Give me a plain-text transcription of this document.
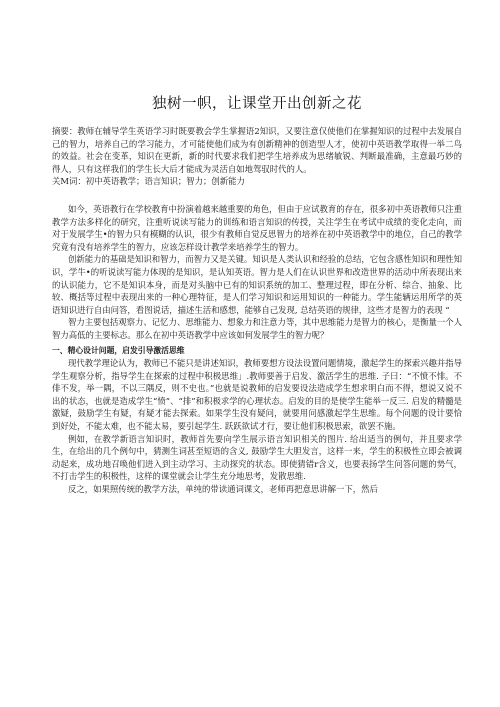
独树一帜，让课堂开出创新之花
摘要：教师在辅导学生英语学习时既要教会学生掌握语2知识，又要注意仅使他们在掌握知识的过程中去发展自己的智力，培养自己的学习能力，才可能使他们成为有创新精神的创造型人才，使初中英语教学取得一举二鸟的效益。社会在变革，知识在更新，新的时代要求我们把学生培养成为思绪敏锐、判断最准确，主意最巧妙的得人，只有这样我们的学生长大后才能成为灵活自如地驾驭时代的人。
关M词：初中英语教学；语言知识；智力；创新能力

如今，英语教行在学校教育中扮演着越来越重要的角色，但由于应试教育的存在，很多初中英语教师只注重教学方法多样化的研究，注重听说读写能力的训练和语言知识的传授，关注学生在考试中成绩的变化走向，而对于发展学生•的智力只有模糊的认识，很少有教师自觉反思智力的培养在初中英语教学中的地位，自己的教学究竟有没有培养学生的智力，应该怎样设计教学来培养学生的智力。

创新能力的基础是知识和智力，而智力又是关键。知识是人类认识和经验的总结，它包含感性知识和理性知识，学牛•的听说读写能力体现的是知识，是认知英语。智力是人们在认识世界和改造世界的活动中所表现出来的认识能力，它不是知识本身，而是对头脑中已有的知识系统的加工、整理过程，即在分析、综合、抽象、比较、概括等过程中表现出来的一种心理特征，是人们学习知识和运用知识的一种能力。学生能辆运用所学的英语知识进行自由问答，看图说话，描述生活和感想，能够自己发现, 总结英语的规律，这些才是智力的表现 “

智力主要包括观察力、记忆力、思维能力、想象力和注意力等，其中思维能力是智力的核心，是衡量一个人智力高低的主要标志。那么在初中英语教学中应该如何发展学生的智力呢？

一、精心设计问题，启发引导激活思维

现代教学理论认为，教师已不能只是讲述知识，教师要想方设法设置问题情境，激起学生的探索兴趣并指导学生观察分析，指导学生在探索的过程中积极思维」.教师要善于启发、激活学生的思维. 子曰：“不愤不悱。不俳不发，举一隅，不以三隅反，则不史也。”也就是说教师的启发要设法造成学生想求明白而不得，想说又说不出的状态，也就是造成学生“愤”、“排”和积极求学的心理状态。启发的目的是使学生能举一反三. 启发的精髓是激疑，鼓励学生有疑，有疑才能去探索。如果学生没有疑问，就要用问感激起学生思维。每个问题的设计要恰到好处，不能太难，也不能太易，要引起学生. 跃跃欲试才行，要让他们积极思索，欲罢不施。

例如，在教学新语言知识时，教师首先要向学生展示语言知识相关的图片. 给出适当的例句，并且要求学生，在给出的几个例句中，猜测生词甚至短语的含义, 鼓励学生大胆发言，这样一来，学生的积极性立即会被调动起来，成功地召唤他们进入到主动学习、主动探究的状态。即使猜错r含义，也要表扬学生问答问题的势气，不打击学生的积极性，这样的课堂就会让学生充分地思考，发散思维.

反之，如果照传统的教学方法，单纯的带读通词课文，老师再把意思讲解一下，然后
